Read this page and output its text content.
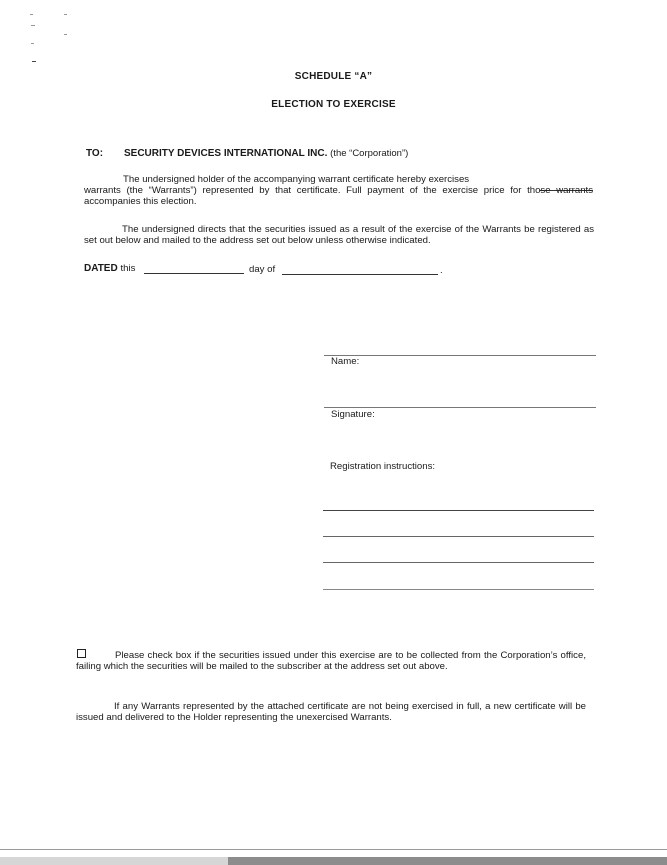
SCHEDULE “A”
ELECTION TO EXERCISE
TO: SECURITY DEVICES INTERNATIONAL INC. (the “Corporation”)
The undersigned holder of the accompanying warrant certificate hereby exercises
warrants (the “Warrants”) represented by that certificate. Full payment of the exercise price for those warrants accompanies this election.
The undersigned directs that the securities issued as a result of the exercise of the Warrants be registered as set out below and mailed to the address set out below unless otherwise indicated.
DATED this	day of	.
Name:
Signature:
Registration instructions:
Please check box if the securities issued under this exercise are to be collected from the Corporation’s office, failing which the securities will be mailed to the subscriber at the address set out above.
If any Warrants represented by the attached certificate are not being exercised in full, a new certificate will be issued and delivered to the Holder representing the unexercised Warrants.
